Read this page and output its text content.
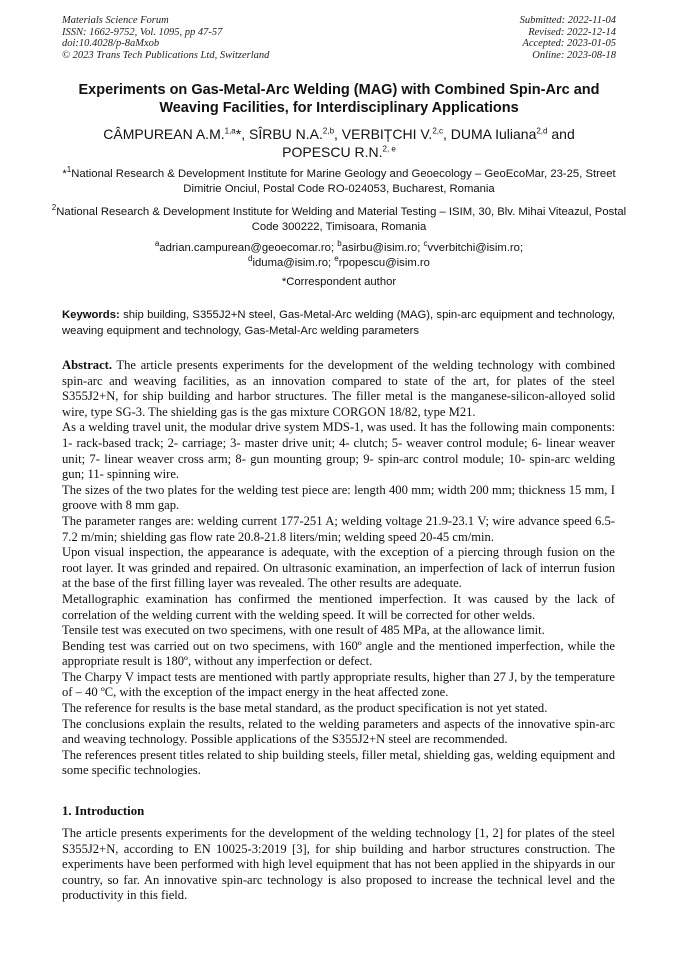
Materials Science Forum
ISSN: 1662-9752, Vol. 1095, pp 47-57
doi:10.4028/p-8aMxob
© 2023 Trans Tech Publications Ltd, Switzerland
Submitted: 2022-11-04
Revised: 2022-12-14
Accepted: 2023-01-05
Online: 2023-08-18
Experiments on Gas-Metal-Arc Welding (MAG) with Combined Spin-Arc and Weaving Facilities, for Interdisciplinary Applications
CÂMPUREAN A.M.$^{1,a}$*, SÎRBU N.A.$^{2,b}$, VERBIȚCHI V.$^{2,c}$, DUMA Iuliana$^{2,d}$ and
POPESCU R.N.$^{2, e}$
*$^1$National Research & Development Institute for Marine Geology and Geoecology – GeoEcoMar, 23-25, Street Dimitrie Onciul, Postal Code RO-024053, Bucharest, Romania
$^2$National Research & Development Institute for Welding and Material Testing – ISIM, 30, Blv. Mihai Viteazul, Postal Code 300222, Timisoara, Romania
$^a$adrian.campurean@geoecomar.ro; $^b$asirbu@isim.ro; $^c$vverbitchi@isim.ro;
$^d$iduma@isim.ro; $^e$rpopescu@isim.ro
*Correspondent author
Keywords: ship building, S355J2+N steel, Gas-Metal-Arc welding (MAG), spin-arc equipment and technology, weaving equipment and technology, Gas-Metal-Arc welding parameters

Abstract. The article presents experiments for the development of the welding technology with combined spin-arc and weaving facilities, as an innovation compared to state of the art, for plates of the steel S355J2+N, for ship building and harbor structures. The filler metal is the manganese-silicon-alloyed solid wire, type SG-3. The shielding gas is the gas mixture CORGON 18/82, type M21.

As a welding travel unit, the modular drive system MDS-1, was used. It has the following main components: 1- rack-based track; 2- carriage; 3- master drive unit; 4- clutch; 5- weaver control module; 6- linear weaver unit; 7- linear weaver cross arm; 8- gun mounting group; 9- spin-arc control module; 10- spin-arc welding gun; 11- spinning wire.

The sizes of the two plates for the welding test piece are: length 400 mm; width 200 mm; thickness 15 mm, I groove with 8 mm gap.

The parameter ranges are: welding current 177-251 A; welding voltage 21.9-23.1 V; wire advance speed 6.5-7.2 m/min; shielding gas flow rate 20.8-21.8 liters/min; welding speed 20-45 cm/min.

Upon visual inspection, the appearance is adequate, with the exception of a piercing through fusion on the root layer. It was grinded and repaired. On ultrasonic examination, an imperfection of lack of interrun fusion at the base of the first filling layer was revealed. The other results are adequate.

Metallographic examination has confirmed the mentioned imperfection. It was caused by the lack of correlation of the welding current with the welding speed. It will be corrected for other welds.

Tensile test was executed on two specimens, with one result of 485 MPa, at the allowance limit.

Bending test was carried out on two specimens, with 160º angle and the mentioned imperfection, while the appropriate result is 180º, without any imperfection or defect.

The Charpy V impact tests are mentioned with partly appropriate results, higher than 27 J, by the temperature of – 40 ºC, with the exception of the impact energy in the heat affected zone.

The reference for results is the base metal standard, as the product specification is not yet stated.

The conclusions explain the results, related to the welding parameters and aspects of the innovative spin-arc and weaving technology. Possible applications of the S355J2+N steel are recommended.

The references present titles related to ship building steels, filler metal, shielding gas, welding equipment and some specific technologies.

1. Introduction

The article presents experiments for the development of the welding technology [1, 2] for plates of the steel S355J2+N, according to EN 10025-3:2019 [3], for ship building and harbor structures construction. The experiments have been performed with high level equipment that has not been applied in the shipyards in our country, so far. An innovative spin-arc technology is also proposed to increase the technical level and the productivity in this field.
